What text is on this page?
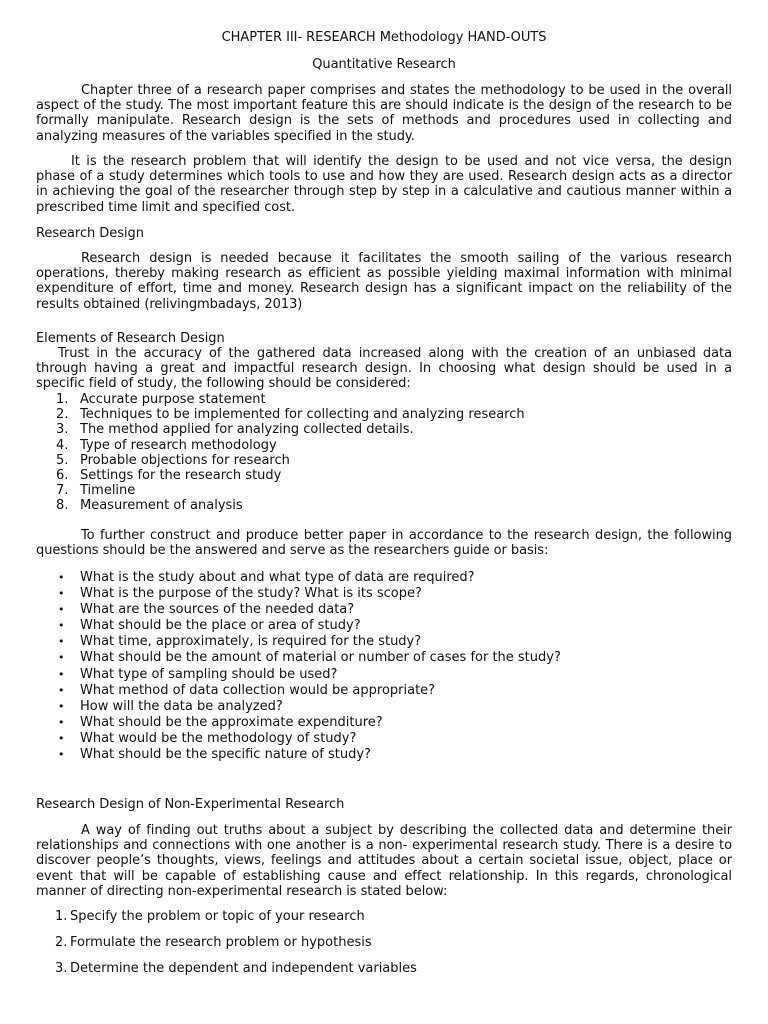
CHAPTER III- RESEARCH Methodology HAND-OUTS

Quantitative Research

Chapter three of a research paper comprises and states the methodology to be used in the overall aspect of the study. The most important feature this are should indicate is the design of the research to be formally manipulate. Research design is the sets of methods and procedures used in collecting and analyzing measures of the variables specified in the study.

It is the research problem that will identify the design to be used and not vice versa, the design phase of a study determines which tools to use and how they are used. Research design acts as a director in achieving the goal of the researcher through step by step in a calculative and cautious manner within a prescribed time limit and specified cost.

Research Design

Research design is needed because it facilitates the smooth sailing of the various research operations, thereby making research as efficient as possible yielding maximal information with minimal expenditure of effort, time and money. Research design has a significant impact on the reliability of the results obtained (relivingmbadays, 2013)

Elements of Research Design

Trust in the accuracy of the gathered data increased along with the creation of an unbiased data through having a great and impactful research design. In choosing what design should be used in a specific field of study, the following should be considered:

1. Accurate purpose statement
2. Techniques to be implemented for collecting and analyzing research
3. The method applied for analyzing collected details.
4. Type of research methodology
5. Probable objections for research
6. Settings for the research study
7. Timeline
8. Measurement of analysis

To further construct and produce better paper in accordance to the research design, the following questions should be the answered and serve as the researchers guide or basis:

• What is the study about and what type of data are required?
• What is the purpose of the study? What is its scope?
• What are the sources of the needed data?
• What should be the place or area of study?
• What time, approximately, is required for the study?
• What should be the amount of material or number of cases for the study?
• What type of sampling should be used?
• What method of data collection would be appropriate?
• How will the data be analyzed?
• What should be the approximate expenditure?
• What would be the methodology of study?
• What should be the specific nature of study?

Research Design of Non-Experimental Research

A way of finding out truths about a subject by describing the collected data and determine their relationships and connections with one another is a non- experimental research study. There is a desire to discover people’s thoughts, views, feelings and attitudes about a certain societal issue, object, place or event that will be capable of establishing cause and effect relationship. In this regards, chronological manner of directing non-experimental research is stated below:

1. Specify the problem or topic of your research
2. Formulate the research problem or hypothesis
3. Determine the dependent and independent variables
